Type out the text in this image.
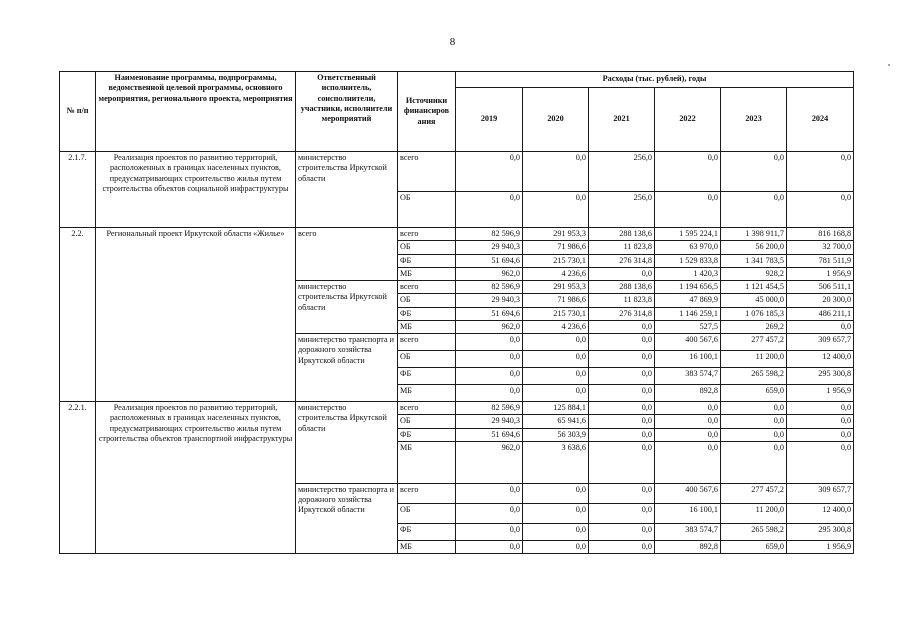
8
№ п/п	Наименование программы, подпрограммы, ведомственной целевой программы, основного мероприятия, регионального проекта, мероприятия	Ответственный исполнитель, соисполнители, участники, исполнители мероприятий	Источники финансиров ания	Расходы (тыс. рублей), годы					
				2019	2020	2021	2022	2023	2024
2.1.7.	Реализация проектов по развитию территорий, расположенных в границах населенных пунктов, предусматривающих строительство жилья путем строительства объектов социальной инфраструктуры	министерство строительства Иркутской области	всего	0,0	0,0	256,0	0,0	0,0	0,0
			ОБ	0,0	0,0	256,0	0,0	0,0	0,0
2.2.	Региональный проект Иркутской области «Жилье»	всего	всего	82 596,9	291 953,3	288 138,6	1 595 224,1	1 398 911,7	816 168,8
			ОБ	29 940,3	71 986,6	11 823,8	63 970,0	56 200,0	32 700,0
			ФБ	51 694,6	215 730,1	276 314,8	1 529 833,8	1 341 783,5	781 511,9
			МБ	962,0	4 236,6	0,0	1 420,3	928,2	1 956,9
		министерство строительства Иркутской области	всего	82 596,9	291 953,3	288 138,6	1 194 656,5	1 121 454,5	506 511,1
			ОБ	29 940,3	71 986,6	11 823,8	47 869,9	45 000,0	20 300,0
			ФБ	51 694,6	215 730,1	276 314,8	1 146 259,1	1 076 185,3	486 211,1
			МБ	962,0	4 236,6	0,0	527,5	269,2	0,0
		министерство транспорта и дорожного хозяйства Иркутской области	всего	0,0	0,0	0,0	400 567,6	277 457,2	309 657,7
			ОБ	0,0	0,0	0,0	16 100,1	11 200,0	12 400,0
			ФБ	0,0	0,0	0,0	383 574,7	265 598,2	295 300,8
			МБ	0,0	0,0	0,0	892,8	659,0	1 956,9
2.2.1.	Реализация проектов по развитию территорий, расположенных в границах населенных пунктов, предусматривающих строительство жилья путем строительства объектов транспортной инфраструктуры	министерство строительства Иркутской области	всего	82 596,9	125 884,1	0,0	0,0	0,0	0,0
			ОБ	29 940,3	65 941,6	0,0	0,0	0,0	0,0
			ФБ	51 694,6	56 303,9	0,0	0,0	0,0	0,0
			МБ	962,0	3 638,6	0,0	0,0	0,0	0,0
		министерство транспорта и дорожного хозяйства Иркутской области	всего	0,0	0,0	0,0	400 567,6	277 457,2	309 657,7
			ОБ	0,0	0,0	0,0	16 100,1	11 200,0	12 400,0
			ФБ	0,0	0,0	0,0	383 574,7	265 598,2	295 300,8
			МБ	0,0	0,0	0,0	892,8	659,0	1 956,9
